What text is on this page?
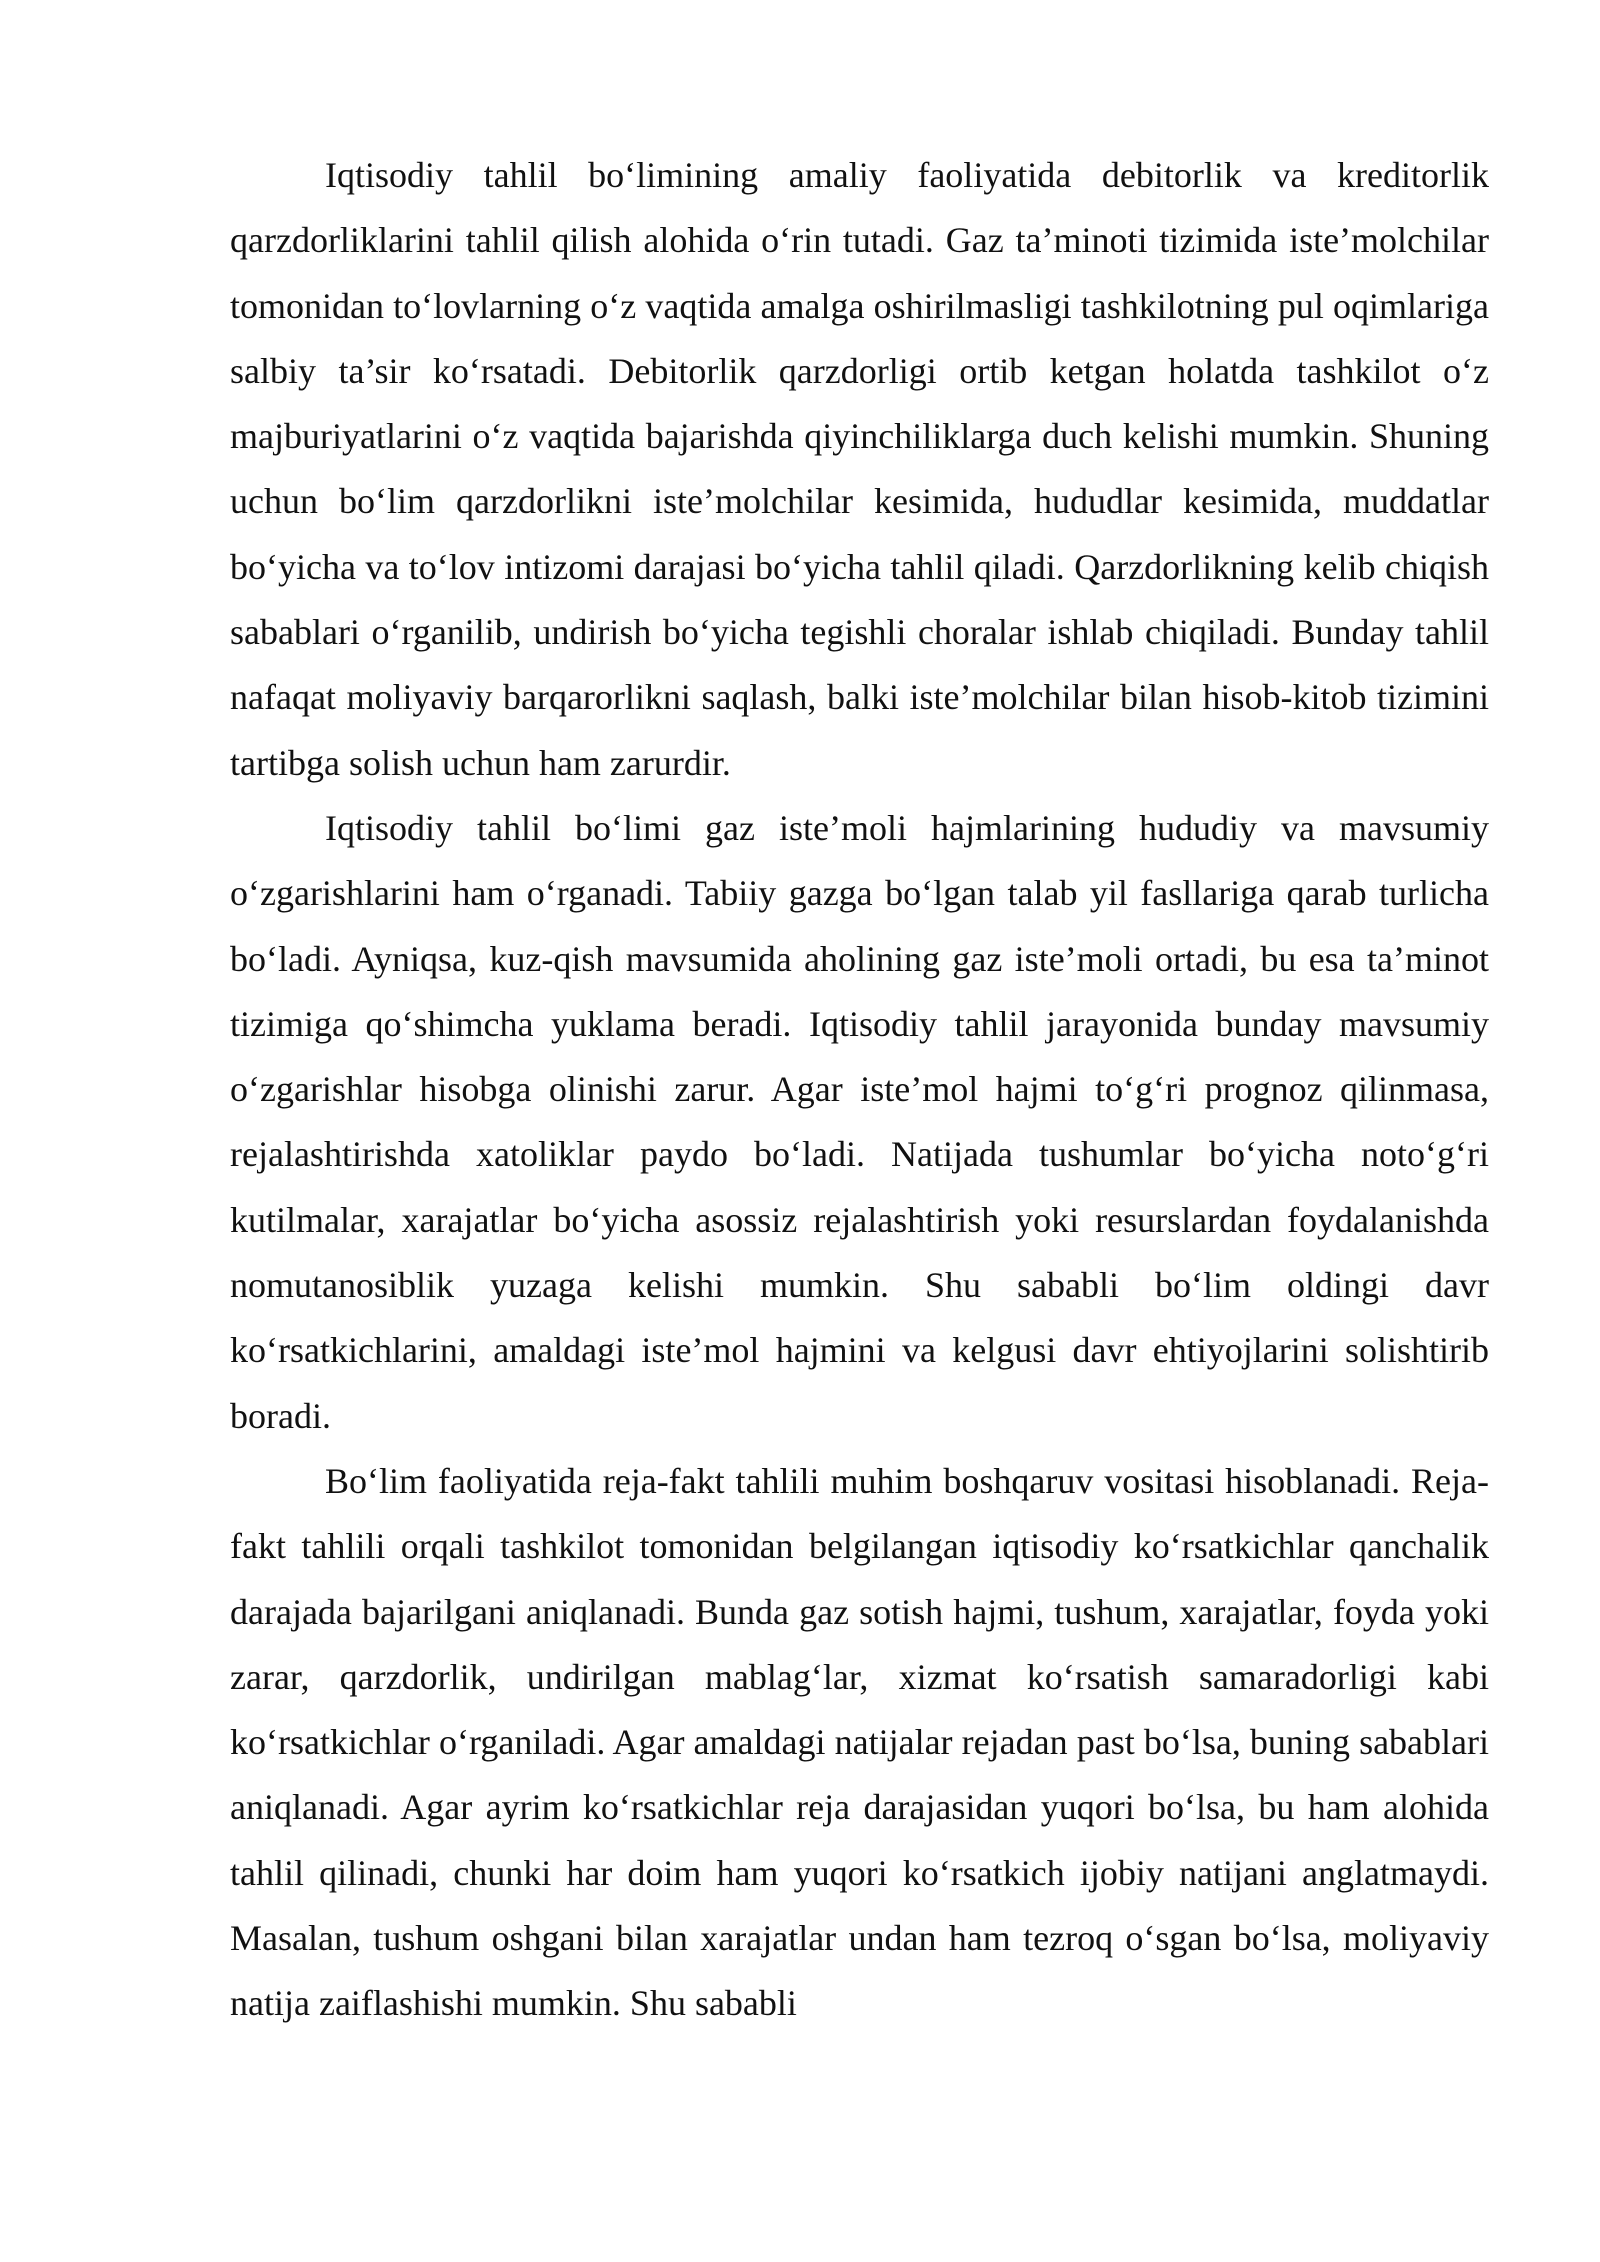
Iqtisodiy tahlil bo‘limining amaliy faoliyatida debitorlik va kreditorlik qarzdorliklarini tahlil qilish alohida o‘rin tutadi. Gaz ta’minoti tizimida iste’molchilar tomonidan to‘lovlarning o‘z vaqtida amalga oshirilmasligi tashkilotning pul oqimlariga salbiy ta’sir ko‘rsatadi. Debitorlik qarzdorligi ortib ketgan holatda tashkilot o‘z majburiyatlarini o‘z vaqtida bajarishda qiyinchiliklarga duch kelishi mumkin. Shuning uchun bo‘lim qarzdorlikni iste’molchilar kesimida, hududlar kesimida, muddatlar bo‘yicha va to‘lov intizomi darajasi bo‘yicha tahlil qiladi. Qarzdorlikning kelib chiqish sabablari o‘rganilib, undirish bo‘yicha tegishli choralar ishlab chiqiladi. Bunday tahlil nafaqat moliyaviy barqarorlikni saqlash, balki iste’molchilar bilan hisob-kitob tizimini tartibga solish uchun ham zarurdir.

Iqtisodiy tahlil bo‘limi gaz iste’moli hajmlarining hududiy va mavsumiy o‘zgarishlarini ham o‘rganadi. Tabiiy gazga bo‘lgan talab yil fasllariga qarab turlicha bo‘ladi. Ayniqsa, kuz-qish mavsumida aholining gaz iste’moli ortadi, bu esa ta’minot tizimiga qo‘shimcha yuklama beradi. Iqtisodiy tahlil jarayonida bunday mavsumiy o‘zgarishlar hisobga olinishi zarur. Agar iste’mol hajmi to‘g‘ri prognoz qilinmasa, rejalashtirishda xatoliklar paydo bo‘ladi. Natijada tushumlar bo‘yicha noto‘g‘ri kutilmalar, xarajatlar bo‘yicha asossiz rejalashtirish yoki resurslardan foydalanishda nomutanosiblik yuzaga kelishi mumkin. Shu sababli bo‘lim oldingi davr ko‘rsatkichlarini, amaldagi iste’mol hajmini va kelgusi davr ehtiyojlarini solishtirib boradi.

Bo‘lim faoliyatida reja-fakt tahlili muhim boshqaruv vositasi hisoblanadi. Reja-fakt tahlili orqali tashkilot tomonidan belgilangan iqtisodiy ko‘rsatkichlar qanchalik darajada bajarilgani aniqlanadi. Bunda gaz sotish hajmi, tushum, xarajatlar, foyda yoki zarar, qarzdorlik, undirilgan mablag‘lar, xizmat ko‘rsatish samaradorligi kabi ko‘rsatkichlar o‘rganiladi. Agar amaldagi natijalar rejadan past bo‘lsa, buning sabablari aniqlanadi. Agar ayrim ko‘rsatkichlar reja darajasidan yuqori bo‘lsa, bu ham alohida tahlil qilinadi, chunki har doim ham yuqori ko‘rsatkich ijobiy natijani anglatmaydi. Masalan, tushum oshgani bilan xarajatlar undan ham tezroq o‘sgan bo‘lsa, moliyaviy natija zaiflashishi mumkin. Shu sababli
